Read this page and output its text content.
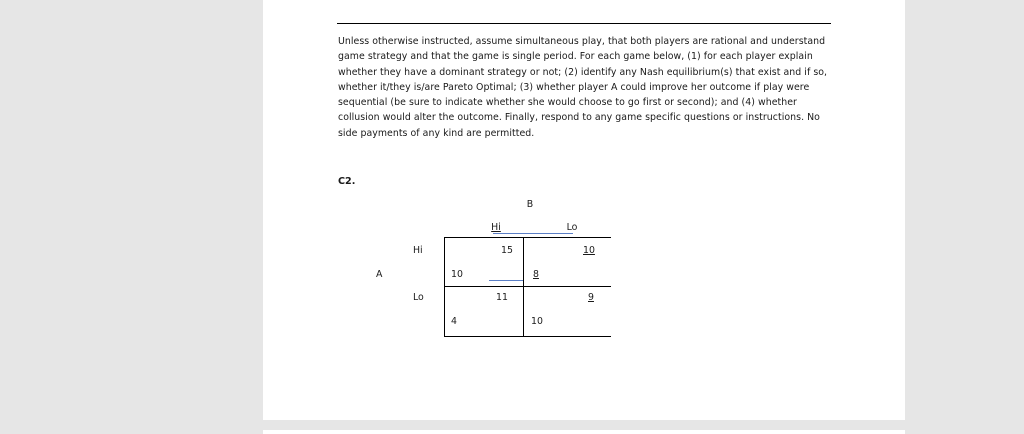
Unless otherwise instructed, assume simultaneous play, that both players are rational and understand game strategy and that the game is single period. For each game below, (1) for each player explain whether they have a dominant strategy or not; (2) identify any Nash equilibrium(s) that exist and if so, whether it/they is/are Pareto Optimal; (3) whether player A could improve her outcome if play were sequential (be sure to indicate whether she would choose to go first or second); and (4) whether collusion would alter the outcome. Finally, respond to any game specific questions or instructions. No side payments of any kind are permitted.
C2.
B
Hi	Lo
Hi
A
Lo
15
10
10
8
11
4
9
10
